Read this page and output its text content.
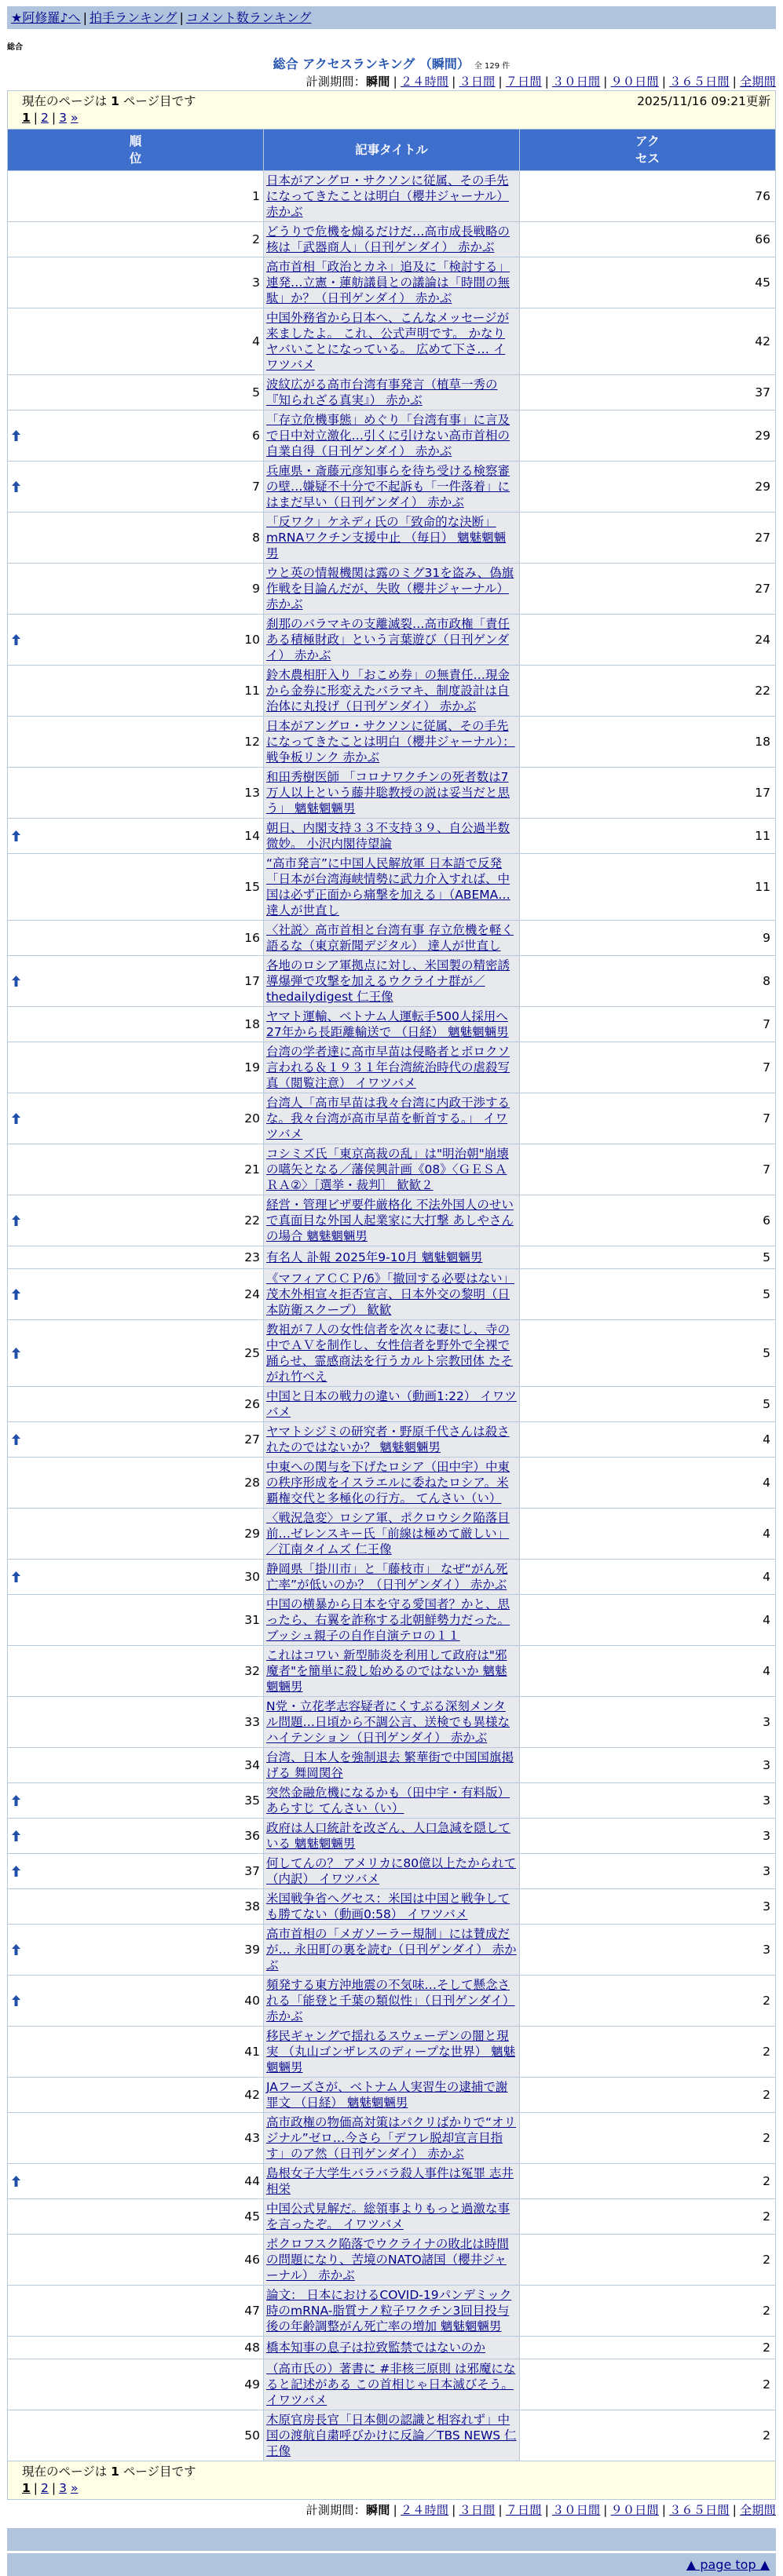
★阿修羅♪へ | 拍手ランキング | コメント数ランキング
総合
総合 アクセスランキング （瞬間） 全 129 件
計測期間：瞬間 | ２４時間 | ３日間 | ７日間 | ３０日間 | ９０日間 | ３６５日間 | 全期間
現在のページは 1 ページ目です 2025/11/16 09:21更新
1 | 2 | 3 »		

順位	記事タイトル	アクセス

1	日本がアングロ・サクソンに従属、その手先になってきたことは明白（櫻井ジャーナル） 赤かぶ	76
2	どうりで危機を煽るだけだ…高市成長戦略の核は「武器商人」（日刊ゲンダイ） 赤かぶ	66
3	高市首相「政治とカネ」追及に「検討する」連発…立憲・蓮舫議員との議論は「時間の無駄」か？（日刊ゲンダイ） 赤かぶ	45
4	中国外務省から日本へ、こんなメッセージが来ましたよ。 これ、公式声明です。 かなりヤバいことになっている。 広めて下さ… イワツバメ	42
5	波紋広がる高市台湾有事発言（植草一秀の『知られざる真実』） 赤かぶ	37

6	「存立危機事態」めぐり「台湾有事」に言及で日中対立激化…引くに引けない高市首相の自業自得（日刊ゲンダイ） 赤かぶ	29

7	兵庫県・斎藤元彦知事らを待ち受ける検察審の壁…嫌疑不十分で不起訴も「一件落着」にはまだ早い（日刊ゲンダイ） 赤かぶ	29
8	「反ワク」ケネディ氏の「致命的な決断」 mRNAワクチン支援中止 （毎日） 魑魅魍魎男	27
9	ウと英の情報機関は露のミグ31を盗み、偽旗作戦を目論んだが、失敗（櫻井ジャーナル） 赤かぶ	27

10	刹那のバラマキの支離滅裂…高市政権「責任ある積極財政」という言葉遊び（日刊ゲンダイ） 赤かぶ	24
11	鈴木農相肝入り「おこめ券」の無責任…現金から金券に形変えたバラマキ、制度設計は自治体に丸投げ（日刊ゲンダイ） 赤かぶ	22
12	日本がアングロ・サクソンに従属、その手先になってきたことは明白（櫻井ジャーナル）：戦争板リンク 赤かぶ	18
13	和田秀樹医師 「コロナワクチンの死者数は7万人以上という藤井聡教授の説は妥当だと思う」 魑魅魍魎男	17

14	朝日、内閣支持３３不支持３９、自公過半数微妙。 小沢内閣待望論	11
15	“高市発言”に中国人民解放軍 日本語で反発「日本が台湾海峡情勢に武力介入すれば、中国は必ず正面から痛撃を加える」（ABEMA… 達人が世直し	11
16	〈社説〉高市首相と台湾有事 存立危機を軽く語るな（東京新聞デジタル） 達人が世直し	9

17	各地のロシア軍拠点に対し、米国製の精密誘導爆弾で攻撃を加えるウクライナ群が／thedailydigest 仁王像	8
18	ヤマト運輸、ベトナム人運転手500人採用へ 27年から長距離輸送で （日経） 魑魅魍魎男	7
19	台湾の学者達に高市早苗は侵略者とボロクソ言われる＆１９３１年台湾統治時代の虐殺写真（閲覧注意） イワツバメ	7

20	台湾人「高市早苗は我々台湾に内政干渉するな。我々台湾が高市早苗を斬首する。」 イワツバメ	7
21	コシミズ氏「東京高裁の乱」は"明治朝"崩壊の嚆矢となる／藩侯興計画《08》〈ＧＥＳＡＲＡ②〉［選挙・裁判］ 歓歓２	7

22	経営・管理ビザ要件厳格化 不法外国人のせいで真面目な外国人起業家に大打撃 あしやさんの場合 魑魅魍魎男	6
23	有名人 訃報 2025年9-10月 魑魅魍魎男	5

24	《マフィアＣＣＰ/6》「撤回する必要はない」茂木外相宣々拒否宣言、日本外交の黎明（日本防衛スクープ） 歓歓	5

25	教祖が７人の女性信者を次々に妻にし、寺の中でＡＶを制作し、女性信者を野外で全裸で踊らせ、霊感商法を行うカルト宗教団体 たそがれ竹べえ	5
26	中国と日本の戦力の違い（動画1:22） イワツバメ	5

27	ヤマトシジミの研究者・野原千代さんは殺されたのではないか？ 魑魅魍魎男	4
28	中東への関与を下げたロシア（田中宇）中東の秩序形成をイスラエルに委ねたロシア。米覇権交代と多極化の行方。 てんさい（い）	4
29	〈戦況急変〉ロシア軍、ポクロウシク陥落目前…ゼレンスキー氏「前線は極めて厳しい」／江南タイムズ 仁王像	4

30	静岡県「掛川市」と「藤枝市」 なぜ“がん死亡率”が低いのか？（日刊ゲンダイ） 赤かぶ	4
31	中国の横暴から日本を守る愛国者？かと、思ったら、右翼を詐称する北朝鮮勢力だった。 ブッシュ親子の自作自演テロの１１	4
32	これはコワい 新型肺炎を利用して政府は"邪魔者"を簡単に殺し始めるのではないか 魑魅魍魎男	4
33	N党・立花孝志容疑者にくすぶる深刻メンタル問題…日頃から不調公言、送検でも異様なハイテンション（日刊ゲンダイ） 赤かぶ	3
34	台湾、日本人を強制退去 繁華街で中国国旗掲げる 舞岡関谷	3

35	突然金融危機になるかも（田中宇・有料版）あらすじ てんさい（い）	3

36	政府は人口統計を改ざん、人口急減を隠している 魑魅魍魎男	3

37	何してんの？ アメリカに80億以上たかられて（内訳） イワツバメ	3
38	米国戦争省へグセス：米国は中国と戦争しても勝てない（動画0:58） イワツバメ	3

39	高市首相の「メガソーラー規制」には賛成だが… 永田町の裏を読む（日刊ゲンダイ） 赤かぶ	3

40	頻発する東方沖地震の不気味…そして懸念される「能登と千葉の類似性」（日刊ゲンダイ） 赤かぶ	2
41	移民ギャングで揺れるスウェーデンの闇と現実 （丸山ゴンザレスのディープな世界） 魑魅魍魎男	2
42	JAフーズさが、ベトナム人実習生の逮捕で謝罪文 （日経） 魑魅魍魎男	2
43	高市政権の物価高対策はパクリばかりで“オリジナル”ゼロ…今さら「デフレ脱却宣言目指す」のア然（日刊ゲンダイ） 赤かぶ	2

44	島根女子大学生バラバラ殺人事件は冤罪 志井 相栄	2
45	中国公式見解だ。総領事よりもっと過激な事を言ったぞ。 イワツバメ	2
46	ポクロフスク陥落でウクライナの敗北は時間の問題になり、苦境のNATO諸国（櫻井ジャーナル） 赤かぶ	2
47	論文： 日本におけるCOVID-19パンデミック時のmRNA-脂質ナノ粒子ワクチン3回目投与後の年齢調整がん死亡率の増加 魑魅魍魎男	2
48	橋本知事の息子は拉致監禁ではないのか	2
49	（高市氏の）著書に #非核三原則 は邪魔になると記述がある この首相じゃ日本滅びそう。 イワツバメ	2
50	木原官房長官「日本側の認識と相容れず」中国の渡航自粛呼びかけに反論／TBS NEWS 仁王像	2

現在のページは 1 ページ目です
1 | 2 | 3 »		
計測期間：瞬間 | ２４時間 | ３日間 | ７日間 | ３０日間 | ９０日間 | ３６５日間 | 全期間
▲ page top ▲
